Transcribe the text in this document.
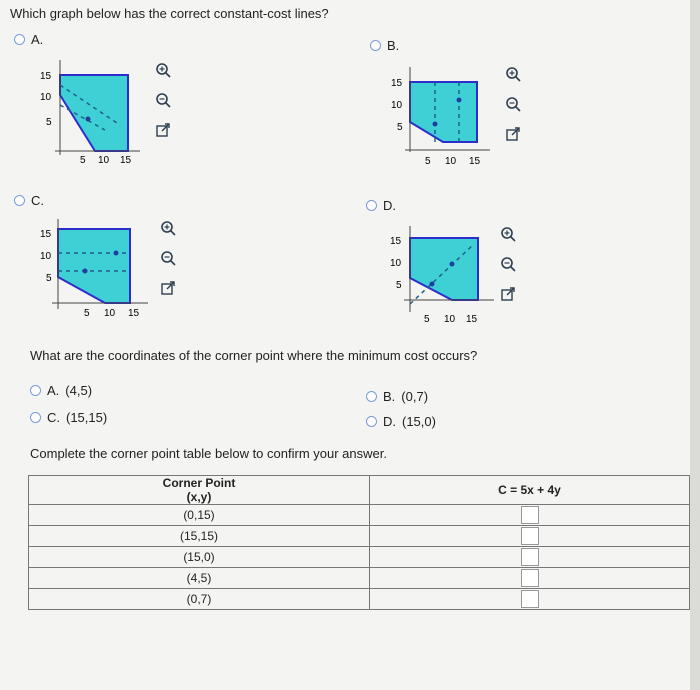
Which graph below has the correct constant-cost lines?
A.
15
10
5
5 10 15
B.
15
10
5
5 10 15
C.
15
10
5
5 10 15
D.
15
10
5
5 10 15
What are the coordinates of the corner point where the minimum cost occurs?
A. (4,5)	B. (0,7)
C. (15,15)	D. (15,0)
Complete the corner point table below to confirm your answer.
Corner Point
(x,y)	C = 5x + 4y
(0,15)	

(15,15)	

(15,0)	

(4,5)	

(0,7)	
